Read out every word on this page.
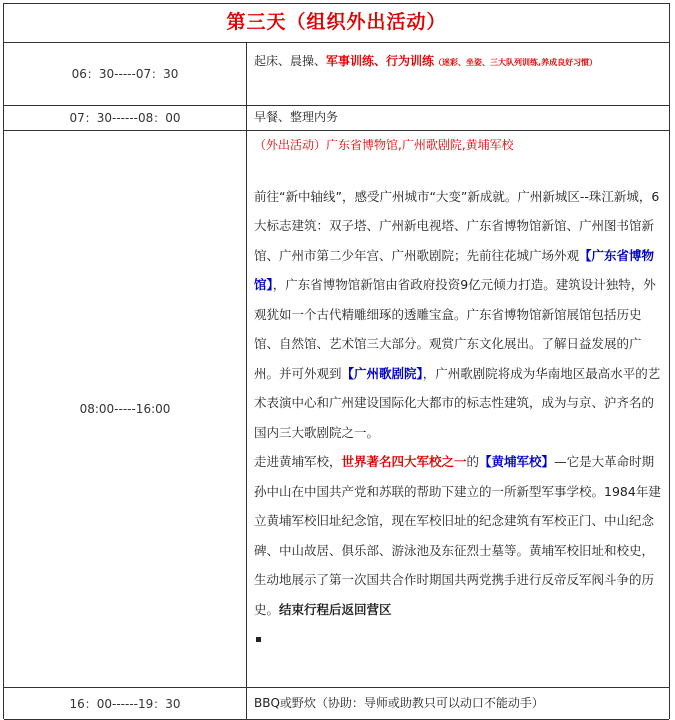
第三天（组织外出活动）
06：30-----07：30	起床、晨操、军事训练、行为训练（迷彩、坐姿、三大队列训练,养成良好习惯）
07：30------08：00	早餐、整理内务
08:00-----16:00	（外出活动）广东省博物馆,广州歌剧院,黄埔军校
前往“新中轴线”，感受广州城市“大变”新成就。广州新城区--珠江新城，6大标志建筑：双子塔、广州新电视塔、广东省博物馆新馆、广州图书馆新馆、广州市第二少年宫、广州歌剧院；先前往花城广场外观【广东省博物馆】，广东省博物馆新馆由省政府投资9亿元倾力打造。建筑设计独特，外观犹如一个古代精雕细琢的透雕宝盒。广东省博物馆新馆展馆包括历史馆、自然馆、艺术馆三大部分。观赏广东文化展出。了解日益发展的广州。并可外观到【广州歌剧院】，广州歌剧院将成为华南地区最高水平的艺术表演中心和广州建设国际化大都市的标志性建筑，成为与京、沪齐名的国内三大歌剧院之一。
走进黄埔军校，世界著名四大军校之一的【黄埔军校】—它是大革命时期孙中山在中国共产党和苏联的帮助下建立的一所新型军事学校。1984年建立黄埔军校旧址纪念馆，现在军校旧址的纪念建筑有军校正门、中山纪念碑、中山故居、俱乐部、游泳池及东征烈士墓等。黄埔军校旧址和校史，生动地展示了第一次国共合作时期国共两党携手进行反帝反军阀斗争的历史。结束行程后返回营区

16：00------19：30	BBQ或野炊（协助：导师或助教只可以动口不能动手）
